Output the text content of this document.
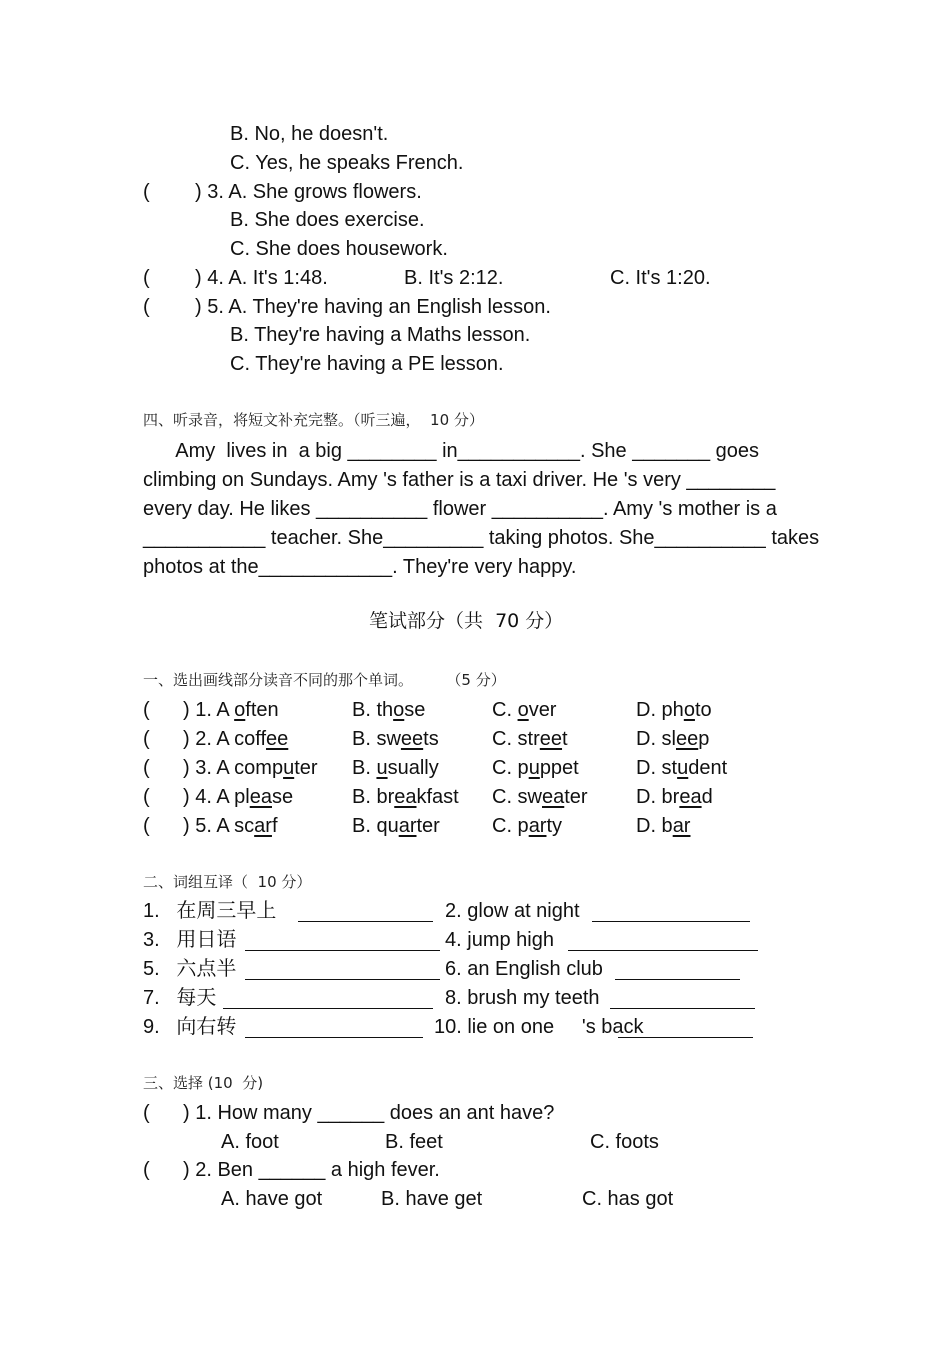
B. No, he doesn't.
C. Yes, he speaks French.
( ) 3. A. She grows flowers.
B. She does exercise.
C. She does housework.
( ) 4. A. It's 1:48.	B. It's 2:12.	C. It's 1:20.
( ) 5. A. They're having an English lesson.
B. They're having a Maths lesson.
C. They're having a PE lesson.
四、听录音，将短文补充完整。（听三遍，  10 分）
Amy  lives in  a big ________ in___________. She _______ goes
climbing on Sundays. Amy 's father is a taxi driver. He 's very ________
every day. He likes __________ flower __________. Amy 's mother is a
___________ teacher. She_________ taking photos. She__________ takes
photos at the____________. They're very happy.
笔试部分（共  70 分）
一、选出画线部分读音不同的那个单词。       （5 分）
( ) 1. A often	B. those	C. over	D. photo
( ) 2. A coffee	B. sweets	C. street	D. sleep
( ) 3. A computer B. usually	C. puppet	D. student
( ) 4. A please	B. breakfast C. sweater D. bread
( ) 5. A scarf	B. quarter	C. party	D. bar
二、词组互译（  10 分）
1.   在周三早上	2. glow at night
3.   用日语	4. jump high
5.   六点半	6. an English club
7.   每天	8. brush my teeth
9.   向右转	10. lie on one     's back
三、选择 (10  分)
( ) 1. How many ______ does an ant have?
A. foot	B. feet	C. foots
( ) 2. Ben ______ a high fever.
A. have got	B. have get	C. has got
